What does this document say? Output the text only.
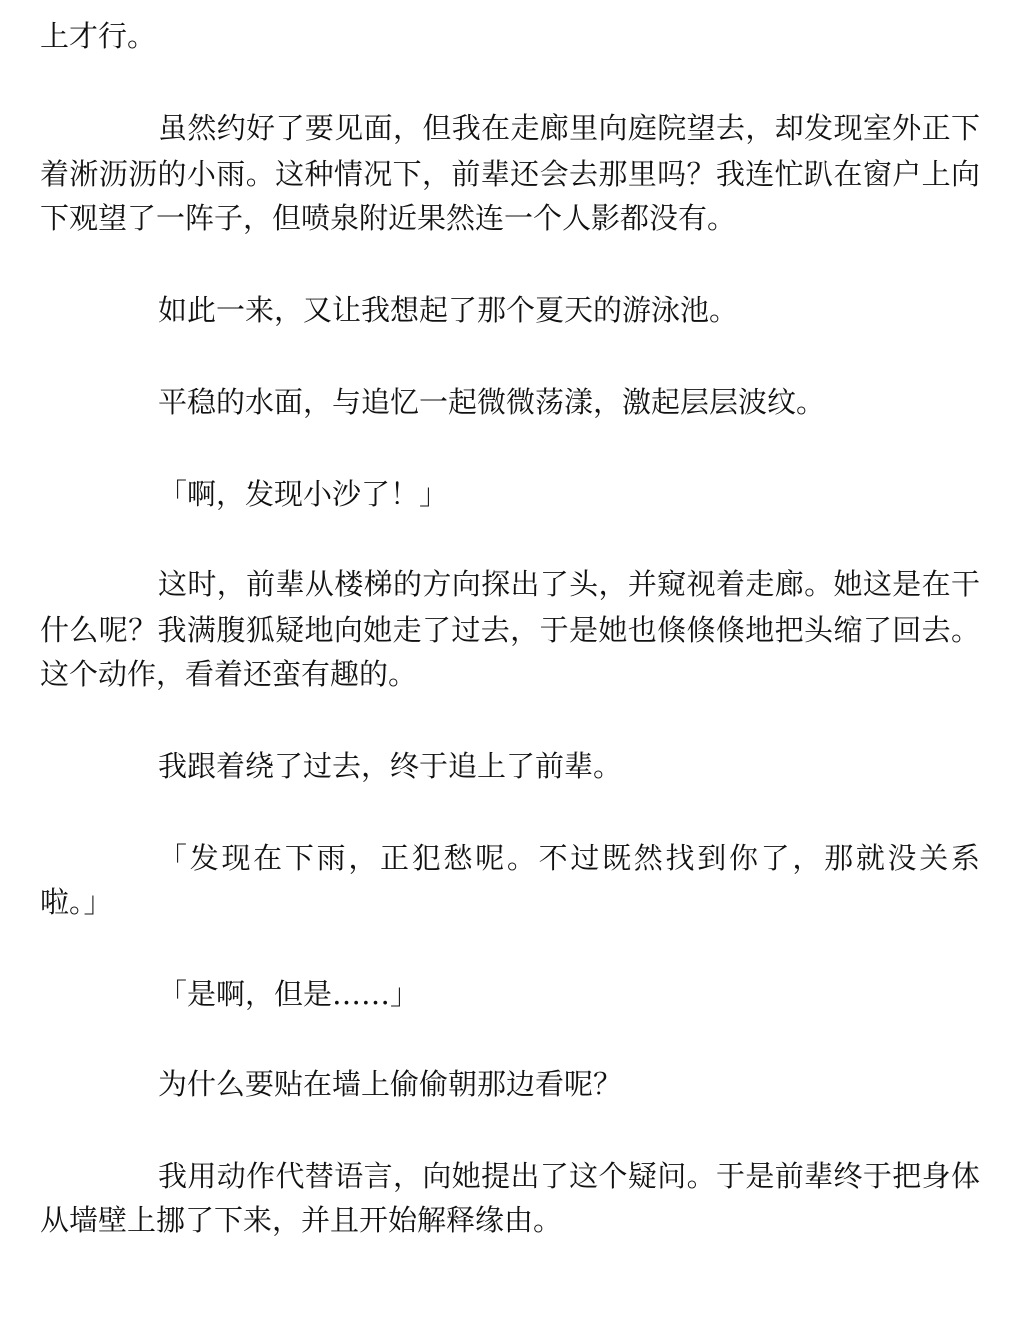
上才行。
虽然约好了要见面，但我在走廊里向庭院望去，却发现室外正下
着淅沥沥的小雨。这种情况下，前辈还会去那里吗？我连忙趴在窗户上向
下观望了一阵子，但喷泉附近果然连一个人影都没有。
如此一来，又让我想起了那个夏天的游泳池。
平稳的水面，与追忆一起微微荡漾，激起层层波纹。
「啊，发现小沙了！」
这时，前辈从楼梯的方向探出了头，并窥视着走廊。她这是在干
什么呢？我满腹狐疑地向她走了过去，于是她也倏倏倏地把头缩了回去。
这个动作，看着还蛮有趣的。
我跟着绕了过去，终于追上了前辈。
「发现在下雨，正犯愁呢。不过既然找到你了，那就没关系
啦。」
「是啊，但是……」
为什么要贴在墙上偷偷朝那边看呢？
我用动作代替语言，向她提出了这个疑问。于是前辈终于把身体
从墙壁上挪了下来，并且开始解释缘由。
